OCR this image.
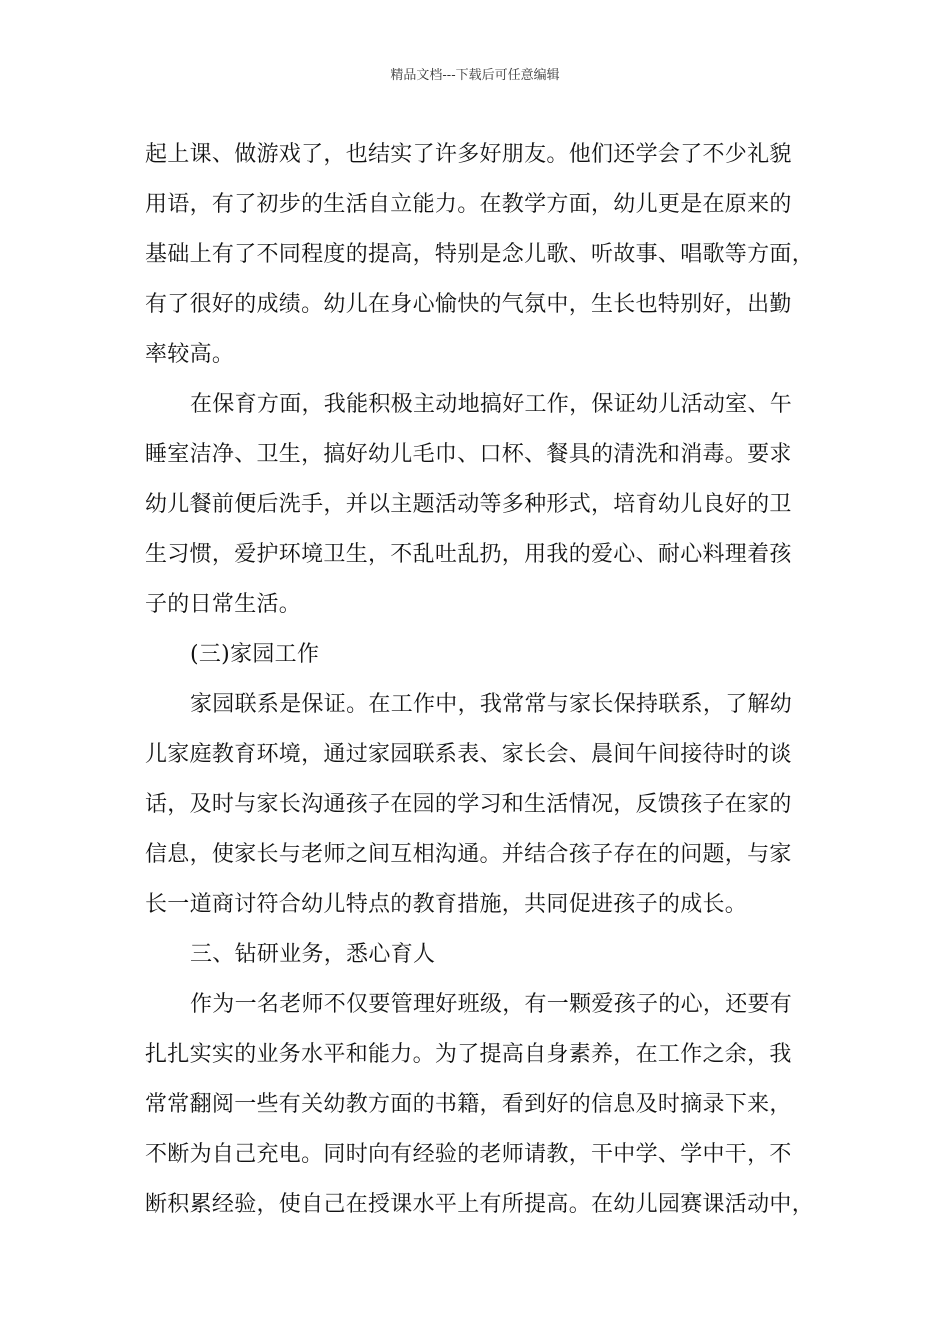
精品文档---下载后可任意编辑
起上课、做游戏了，也结实了许多好朋友。他们还学会了不少礼貌
用语，有了初步的生活自立能力。在教学方面，幼儿更是在原来的
基础上有了不同程度的提高，特别是念儿歌、听故事、唱歌等方面，
有了很好的成绩。幼儿在身心愉快的气氛中，生长也特别好，出勤
率较高。
在保育方面，我能积极主动地搞好工作，保证幼儿活动室、午
睡室洁净、卫生，搞好幼儿毛巾、口杯、餐具的清洗和消毒。要求
幼儿餐前便后洗手，并以主题活动等多种形式，培育幼儿良好的卫
生习惯，爱护环境卫生，不乱吐乱扔，用我的爱心、耐心料理着孩
子的日常生活。
(三)家园工作
家园联系是保证。在工作中，我常常与家长保持联系，了解幼
儿家庭教育环境，通过家园联系表、家长会、晨间午间接待时的谈
话，及时与家长沟通孩子在园的学习和生活情况，反馈孩子在家的
信息，使家长与老师之间互相沟通。并结合孩子存在的问题，与家
长一道商讨符合幼儿特点的教育措施，共同促进孩子的成长。
三、钻研业务，悉心育人
作为一名老师不仅要管理好班级，有一颗爱孩子的心，还要有
扎扎实实的业务水平和能力。为了提高自身素养，在工作之余，我
常常翻阅一些有关幼教方面的书籍，看到好的信息及时摘录下来，
不断为自己充电。同时向有经验的老师请教，干中学、学中干，不
断积累经验，使自己在授课水平上有所提高。在幼儿园赛课活动中，
